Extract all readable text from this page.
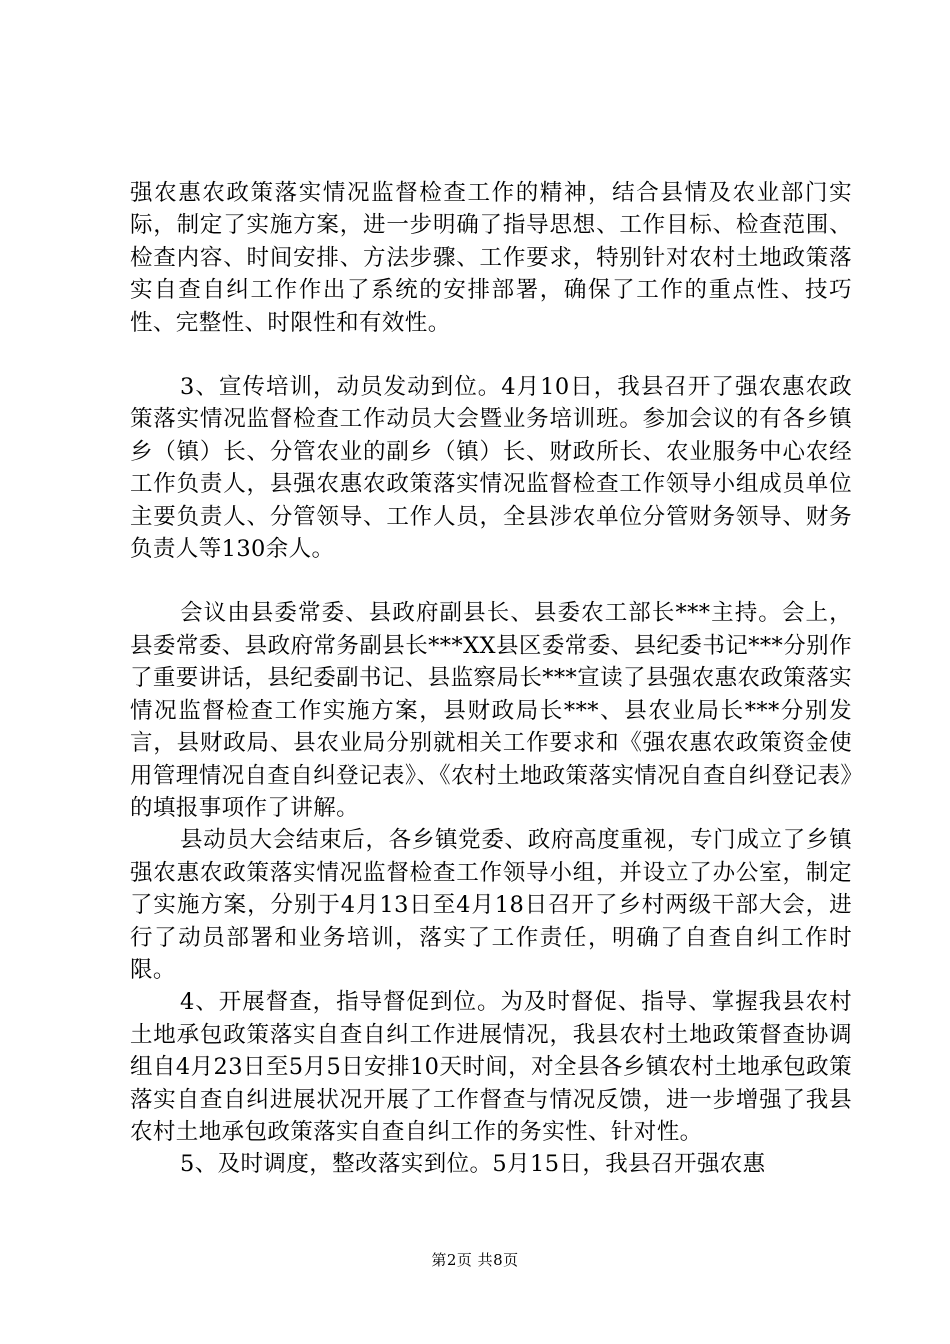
强农惠农政策落实情况监督检查工作的精神，结合县情及农业部门实际，制定了实施方案，进一步明确了指导思想、工作目标、检查范围、检查内容、时间安排、方法步骤、工作要求，特别针对农村土地政策落实自查自纠工作作出了系统的安排部署，确保了工作的重点性、技巧性、完整性、时限性和有效性。

3、宣传培训，动员发动到位。4月10日，我县召开了强农惠农政策落实情况监督检查工作动员大会暨业务培训班。参加会议的有各乡镇乡（镇）长、分管农业的副乡（镇）长、财政所长、农业服务中心农经工作负责人，县强农惠农政策落实情况监督检查工作领导小组成员单位主要负责人、分管领导、工作人员，全县涉农单位分管财务领导、财务负责人等130余人。

会议由县委常委、县政府副县长、县委农工部长***主持。会上，县委常委、县政府常务副县长***XX县区委常委、县纪委书记***分别作了重要讲话，县纪委副书记、县监察局长***宣读了县强农惠农政策落实情况监督检查工作实施方案，县财政局长***、县农业局长***分别发言，县财政局、县农业局分别就相关工作要求和《强农惠农政策资金使用管理情况自查自纠登记表》、《农村土地政策落实情况自查自纠登记表》的填报事项作了讲解。

县动员大会结束后，各乡镇党委、政府高度重视，专门成立了乡镇强农惠农政策落实情况监督检查工作领导小组，并设立了办公室，制定了实施方案，分别于4月13日至4月18日召开了乡村两级干部大会，进行了动员部署和业务培训，落实了工作责任，明确了自查自纠工作时限。

4、开展督查，指导督促到位。为及时督促、指导、掌握我县农村土地承包政策落实自查自纠工作进展情况，我县农村土地政策督查协调组自4月23日至5月5日安排10天时间，对全县各乡镇农村土地承包政策落实自查自纠进展状况开展了工作督查与情况反馈，进一步增强了我县农村土地承包政策落实自查自纠工作的务实性、针对性。

5、及时调度，整改落实到位。5月15日，我县召开强农惠

第2页 共8页
